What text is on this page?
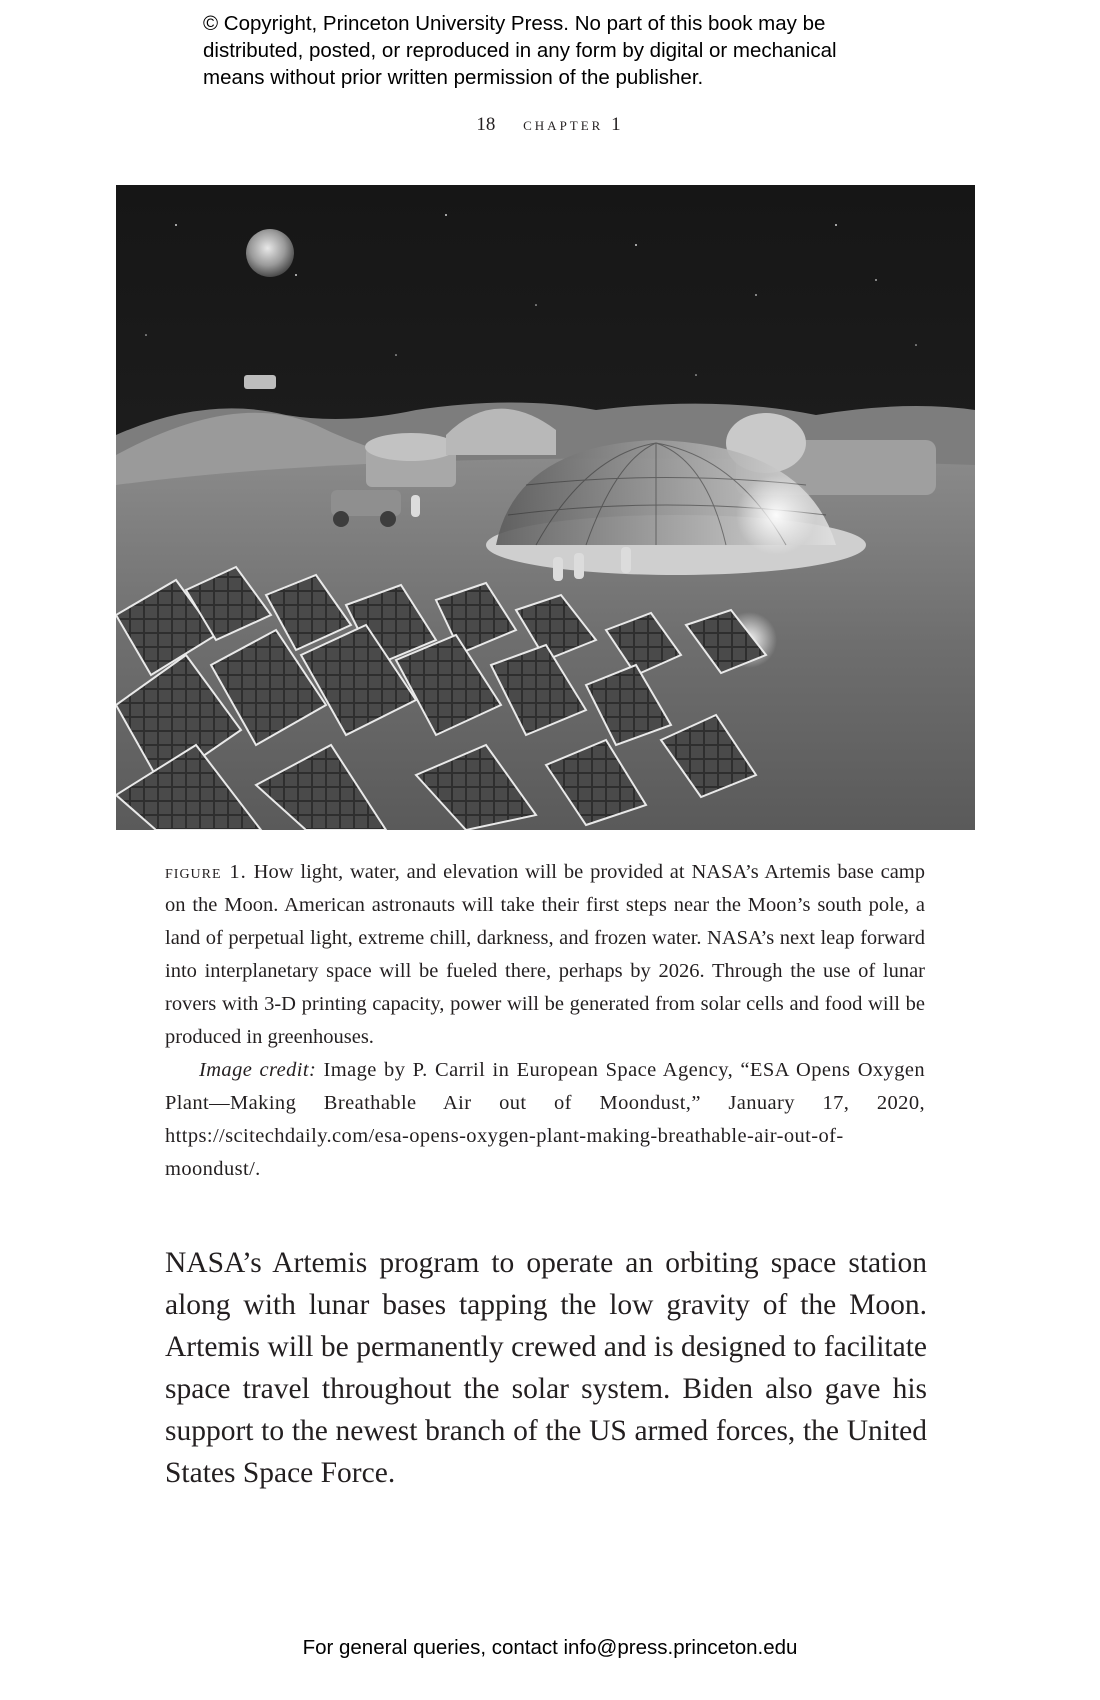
© Copyright, Princeton University Press. No part of this book may be
distributed, posted, or reproduced in any form by digital or mechanical
means without prior written permission of the publisher.
18 chapter 1

figure 1. How light, water, and elevation will be provided at NASA’s Artemis base camp on the Moon. American astronauts will take their first steps near the Moon’s south pole, a land of perpetual light, extreme chill, darkness, and frozen water. NASA’s next leap forward into interplanetary space will be fueled there, perhaps by 2026. Through the use of lunar rovers with 3-D printing capacity, power will be generated from solar cells and food will be produced in greenhouses.

Image credit: Image by P. Carril in European Space Agency, “ESA Opens Oxygen Plant—Making Breathable Air out of Moondust,” January 17, 2020, https://scitechdaily.com/esa-opens-oxygen-plant-making-breathable-air-out-of-moondust/.

NASA’s Artemis program to operate an orbiting space station along with lunar bases tapping the low gravity of the Moon. Artemis will be permanently crewed and is designed to facilitate space travel throughout the solar system. Biden also gave his support to the newest branch of the US armed forces, the United States Space Force.

For general queries, contact info@press.princeton.edu
